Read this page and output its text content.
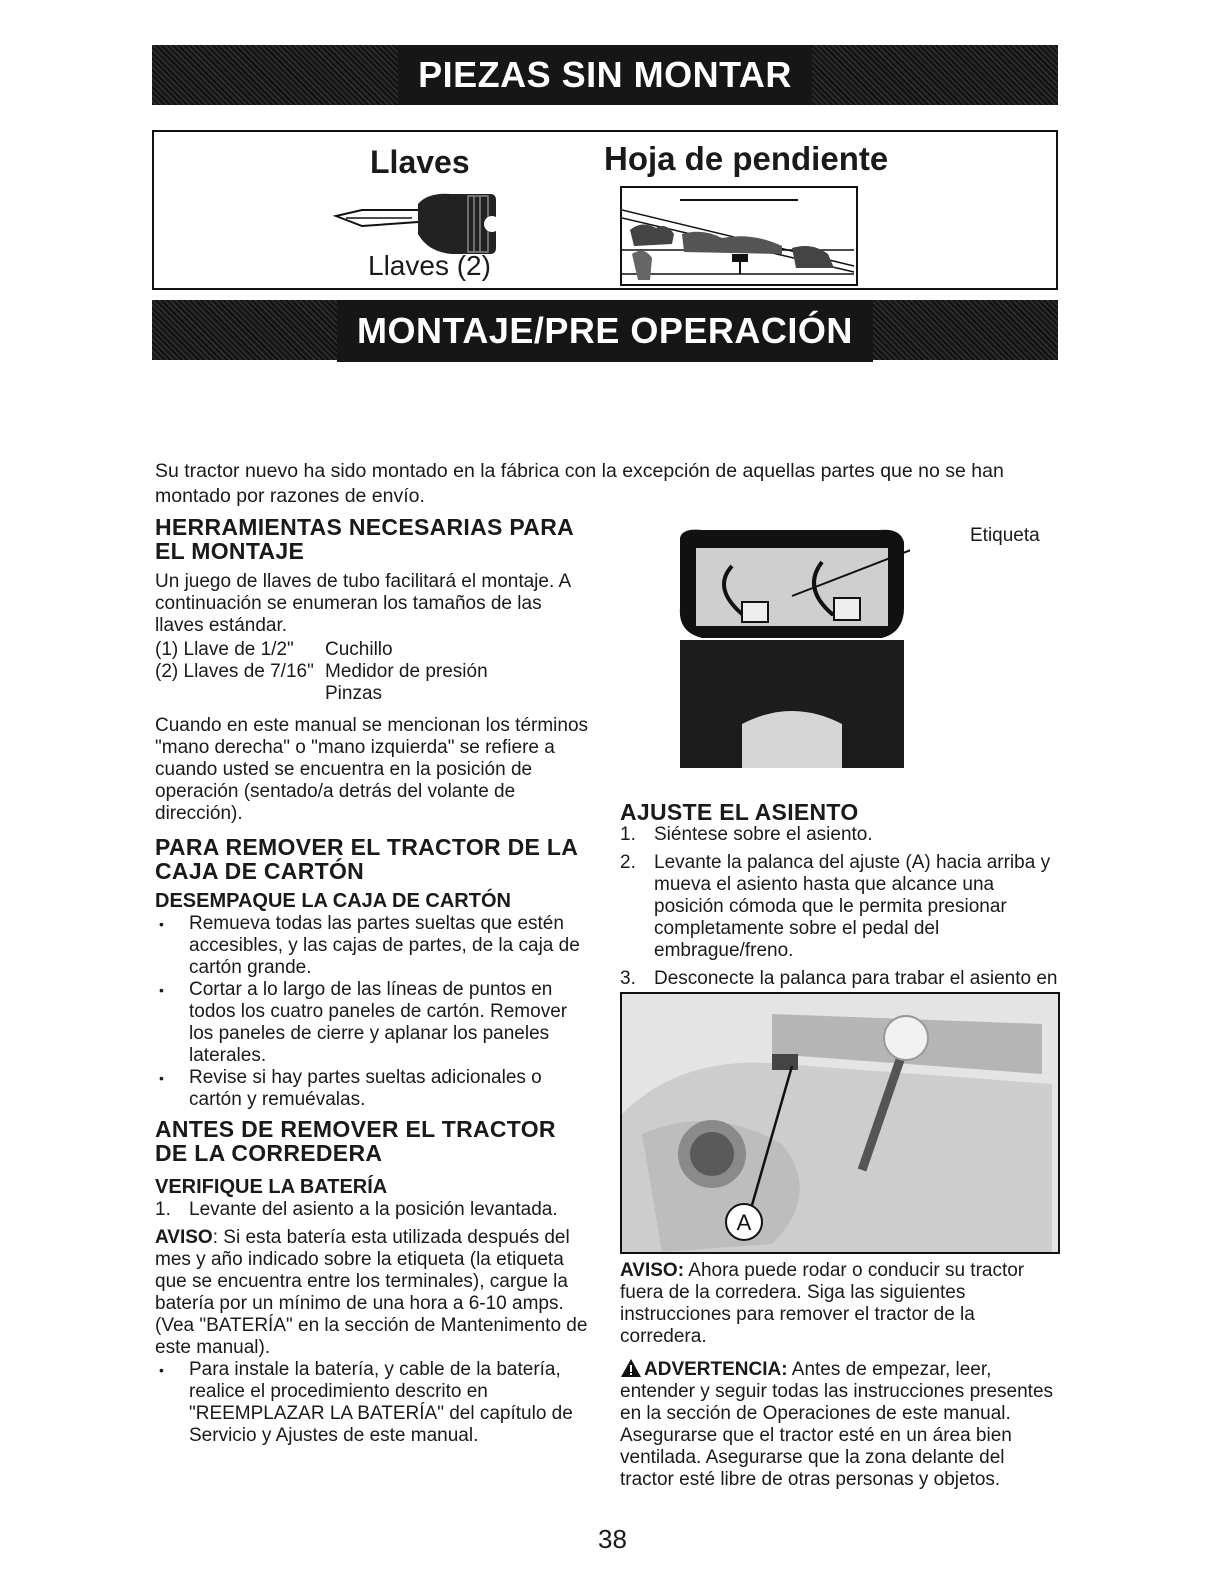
PIEZAS SIN MONTAR
Llaves	Hoja de pendiente
Llaves (2)
MONTAJE/PRE OPERACIÓN

Su tractor nuevo ha sido montado en la fábrica con la excepción de aquellas partes que no se han montado por razones de envío.

HERRAMIENTAS NECESARIAS PARA EL MONTAJE

Un juego de llaves de tubo facilitará el montaje. A continuación se enumeran los tamaños de las llaves estándar.

(1) Llave de 1/2"	Cuchillo
(2) Llaves de 7/16" Medidor de presión
Pinzas

Cuando en este manual se mencionan los términos "mano derecha" o "mano izquierda" se refiere a cuando usted se encuentra en la posición de operación (sentado/a detrás del volante de dirección).

PARA REMOVER EL TRACTOR DE LA CAJA DE CARTÓN
DESEMPAQUE LA CAJA DE CARTÓN
• Remueva todas las partes sueltas que estén accesibles, y las cajas de partes, de la caja de cartón grande.
• Cortar a lo largo de las líneas de puntos en todos los cuatro paneles de cartón. Remover los paneles de cierre y aplanar los paneles laterales.
• Revise si hay partes sueltas adicionales o cartón y remuévalas.
ANTES DE REMOVER EL TRACTOR DE LA CORREDERA
VERIFIQUE LA BATERÍA
1. Levante del asiento a la posición levantada.

AVISO: Si esta batería esta utilizada después del mes y año indicado sobre la etiqueta (la etiqueta que se encuentra entre los terminales), cargue la batería por un mínimo de una hora a 6-10 amps. (Vea "BATERÍA" en la sección de Mantenimento de este manual).

• Para instale la batería, y cable de la batería, realice el procedimiento descrito en "REEMPLAZAR LA BATERÍA" del capítulo de Servicio y Ajustes de este manual.
Etiqueta
AJUSTE EL ASIENTO
1. Siéntese sobre el asiento.
2. Levante la palanca del ajuste (A) hacia arriba y mueva el asiento hasta que alcance una posición cómoda que le permita presionar completamente sobre el pedal del embrague/freno.
3. Desconecte la palanca para trabar el asiento en
A

AVISO: Ahora puede rodar o conducir su tractor fuera de la corredera. Siga las siguientes instrucciones para remover el tractor de la corredera.

ADVERTENCIA: Antes de empezar, leer, entender y seguir todas las instrucciones presentes en la sección de Operaciones de este manual. Asegurarse que el tractor esté en un área bien ventilada. Asegurarse que la zona delante del tractor esté libre de otras personas y objetos.

38
